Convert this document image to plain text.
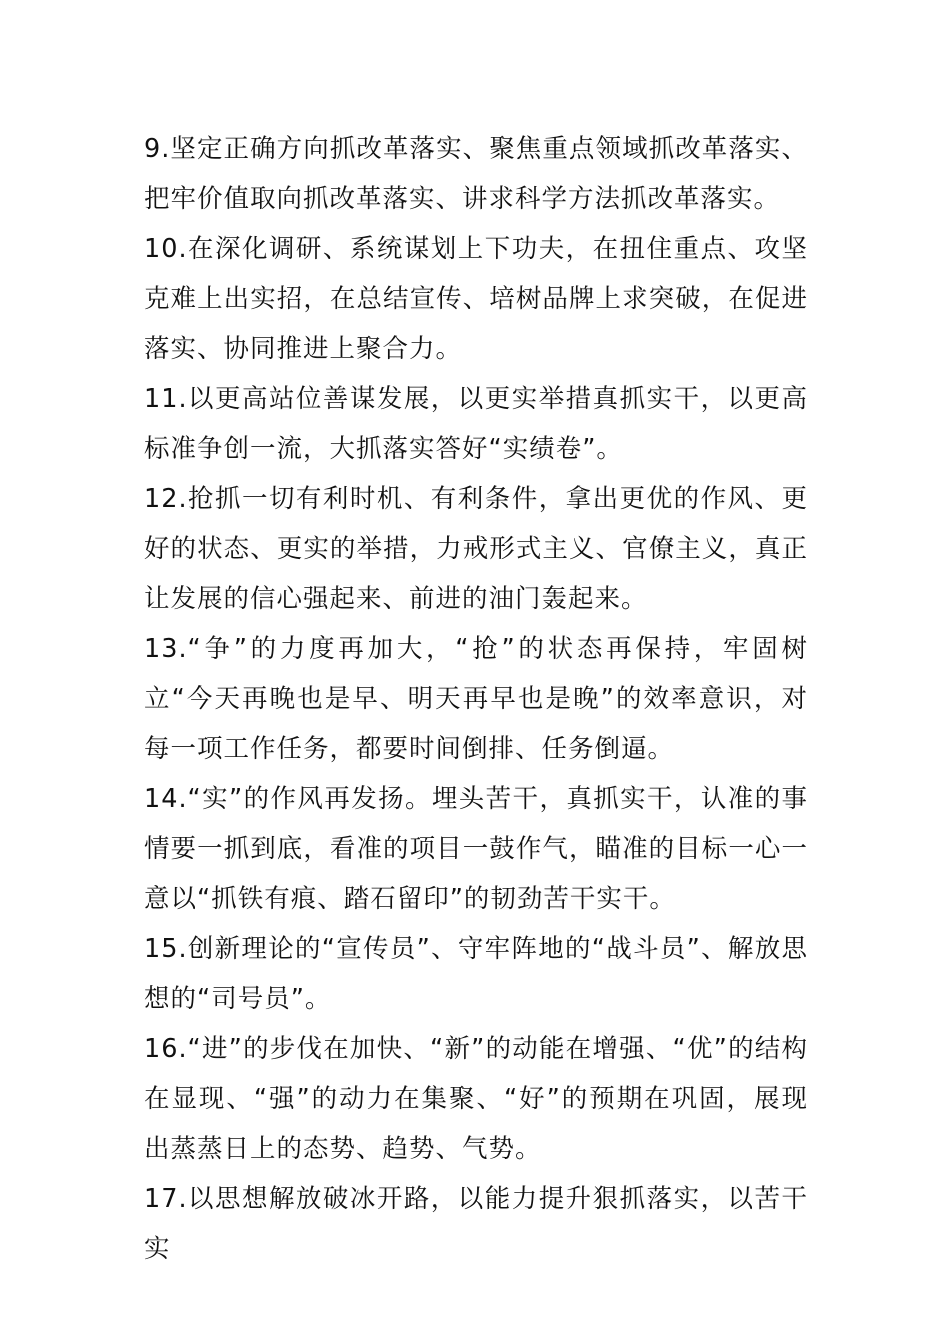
9.坚定正确方向抓改革落实、聚焦重点领域抓改革落实、把牢价值取向抓改革落实、讲求科学方法抓改革落实。

10.在深化调研、系统谋划上下功夫，在扭住重点、攻坚克难上出实招，在总结宣传、培树品牌上求突破，在促进落实、协同推进上聚合力。

11.以更高站位善谋发展，以更实举措真抓实干，以更高标准争创一流，大抓落实答好“实绩卷”。

12.抢抓一切有利时机、有利条件，拿出更优的作风、更好的状态、更实的举措，力戒形式主义、官僚主义，真正让发展的信心强起来、前进的油门轰起来。

13.“争”的力度再加大，“抢”的状态再保持，牢固树立“今天再晚也是早、明天再早也是晚”的效率意识，对每一项工作任务，都要时间倒排、任务倒逼。

14.“实”的作风再发扬。埋头苦干，真抓实干，认准的事情要一抓到底，看准的项目一鼓作气，瞄准的目标一心一意以“抓铁有痕、踏石留印”的韧劲苦干实干。

15.创新理论的“宣传员”、守牢阵地的“战斗员”、解放思想的“司号员”。

16.“进”的步伐在加快、“新”的动能在增强、“优”的结构在显现、“强”的动力在集聚、“好”的预期在巩固，展现出蒸蒸日上的态势、趋势、气势。

17.以思想解放破冰开路，以能力提升狠抓落实，以苦干实
